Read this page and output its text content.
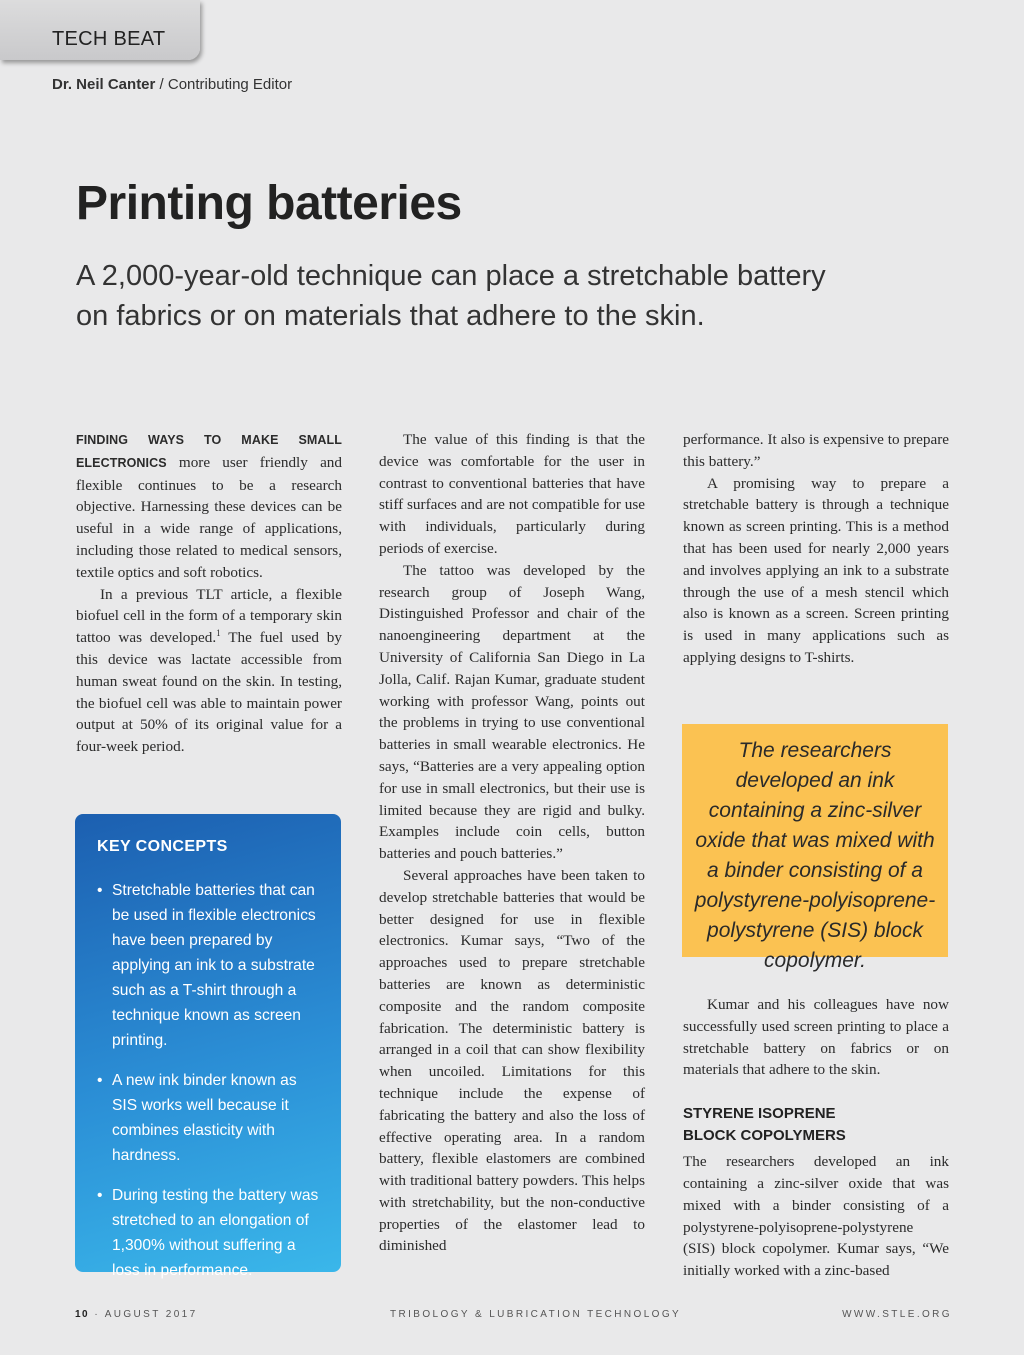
TECH BEAT
Dr. Neil Canter / Contributing Editor
Printing batteries
A 2,000-year-old technique can place a stretchable battery on fabrics or on materials that adhere to the skin.

FINDING WAYS TO MAKE SMALL ELECTRONICS more user friendly and flexible continues to be a research objective. Harnessing these devices can be useful in a wide range of applications, including those related to medical sensors, textile optics and soft robotics.

In a previous TLT article, a flexible biofuel cell in the form of a temporary skin tattoo was developed.$^1$ The fuel used by this device was lactate accessible from human sweat found on the skin. In testing, the biofuel cell was able to maintain power output at 50% of its original value for a four-week period.

KEY CONCEPTS
• Stretchable batteries that can be used in flexible electronics have been prepared by applying an ink to a substrate such as a T-shirt through a technique known as screen printing.
• A new ink binder known as SIS works well because it combines elasticity with hardness.
• During testing the battery was stretched to an elongation of 1,300% without suffering a loss in performance.

The value of this finding is that the device was comfortable for the user in contrast to conventional batteries that have stiff surfaces and are not compatible for use with individuals, particularly during periods of exercise.

The tattoo was developed by the research group of Joseph Wang, Distinguished Professor and chair of the nanoengineering department at the University of California San Diego in La Jolla, Calif. Rajan Kumar, graduate student working with professor Wang, points out the problems in trying to use conventional batteries in small wearable electronics. He says, “Batteries are a very appealing option for use in small electronics, but their use is limited because they are rigid and bulky. Examples include coin cells, button batteries and pouch batteries.”

Several approaches have been taken to develop stretchable batteries that would be better designed for use in flexible electronics. Kumar says, “Two of the approaches used to prepare stretchable batteries are known as deterministic composite and the random composite fabrication. The deterministic battery is arranged in a coil that can show flexibility when uncoiled. Limitations for this technique include the expense of fabricating the battery and also the loss of effective operating area. In a random battery, flexible elastomers are combined with traditional battery powders. This helps with stretchability, but the non-conductive properties of the elastomer lead to diminished

performance. It also is expensive to prepare this battery.”

A promising way to prepare a stretchable battery is through a technique known as screen printing. This is a method that has been used for nearly 2,000 years and involves applying an ink to a substrate through the use of a mesh stencil which also is known as a screen. Screen printing is used in many applications such as applying designs to T-shirts.

The researchers developed an ink containing a zinc-silver oxide that was mixed with a binder consisting of a polystyrene-polyisoprene-polystyrene (SIS) block copolymer.

Kumar and his colleagues have now successfully used screen printing to place a stretchable battery on fabrics or on materials that adhere to the skin.

STYRENE ISOPRENE
BLOCK COPOLYMERS

The researchers developed an ink containing a zinc-silver oxide that was mixed with a binder consisting of a polystyrene-polyisoprene-polystyrene (SIS) block copolymer. Kumar says, “We initially worked with a zinc-based

10 · AUGUST 2017	TRIBOLOGY & LUBRICATION TECHNOLOGY	WWW.STLE.ORG
